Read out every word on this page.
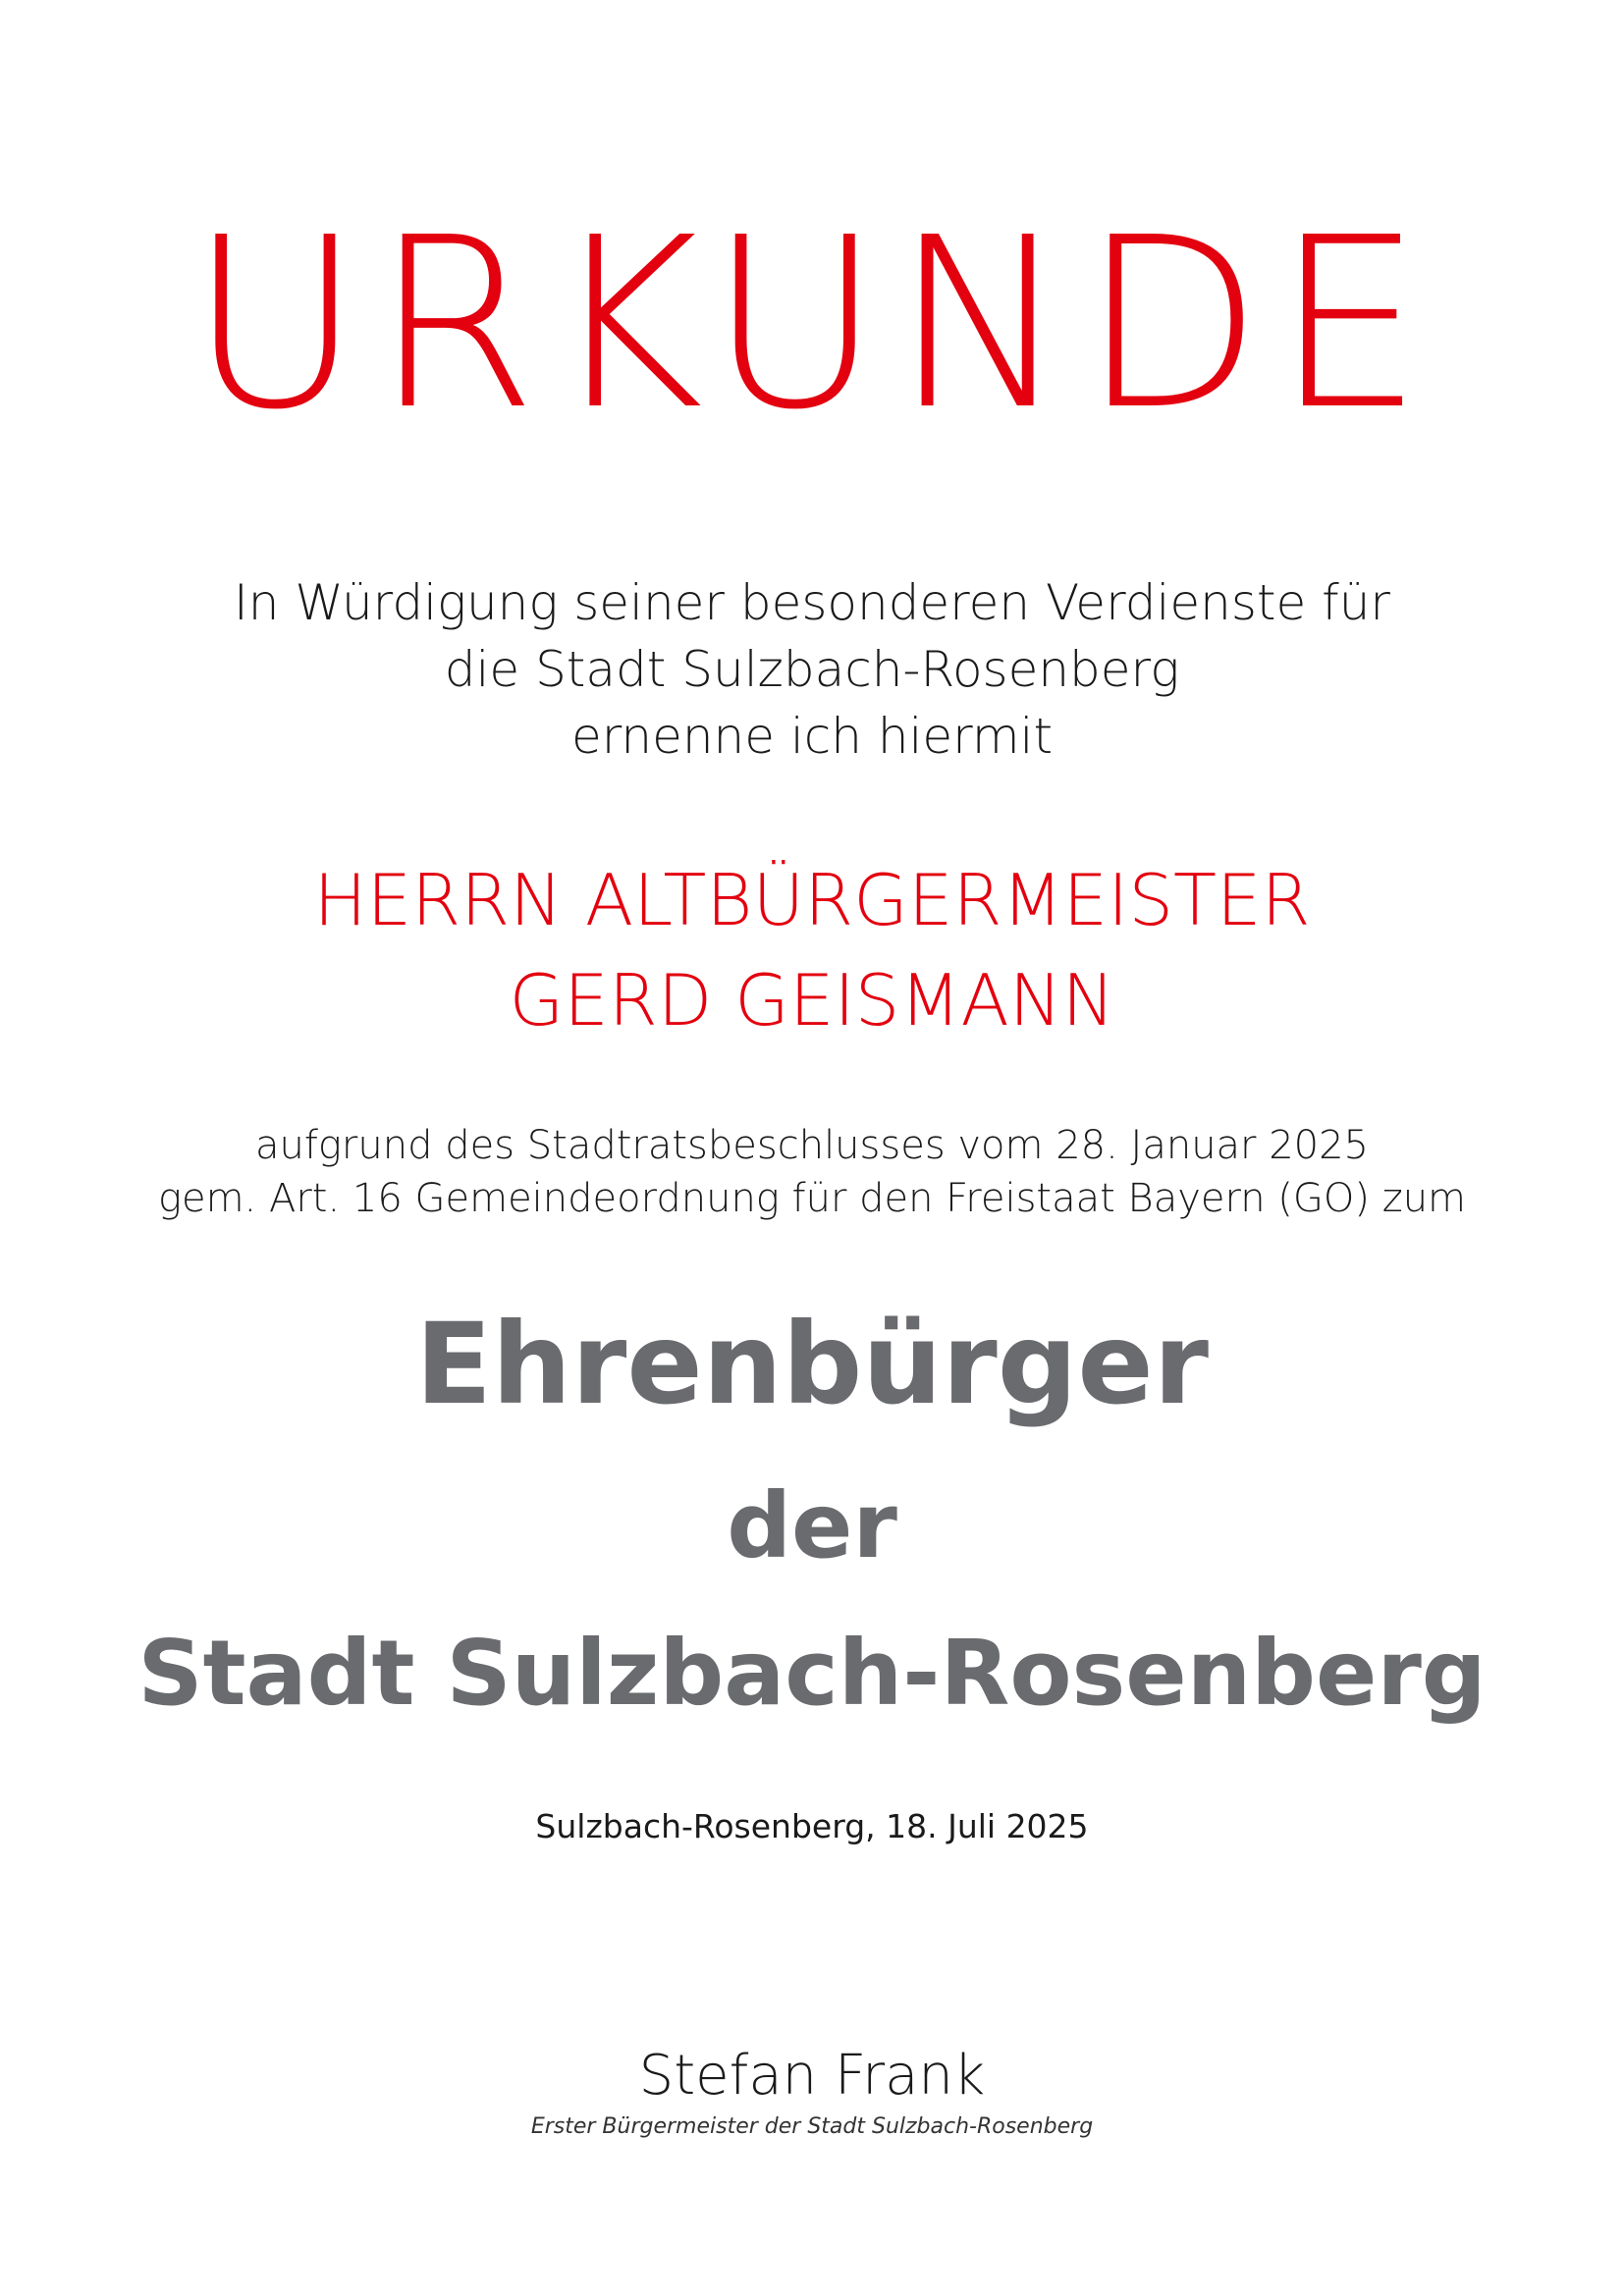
URKUNDE
In Würdigung seiner besonderen Verdienste für
die Stadt Sulzbach-Rosenberg
ernenne ich hiermit
HERRN ALTBÜRGERMEISTER
GERD GEISMANN
aufgrund des Stadtratsbeschlusses vom 28. Januar 2025
gem. Art. 16 Gemeindeordnung für den Freistaat Bayern (GO) zum
Ehrenbürger
der
Stadt Sulzbach-Rosenberg
Sulzbach-Rosenberg, 18. Juli 2025
Stefan Frank
Erster Bürgermeister der Stadt Sulzbach-Rosenberg
